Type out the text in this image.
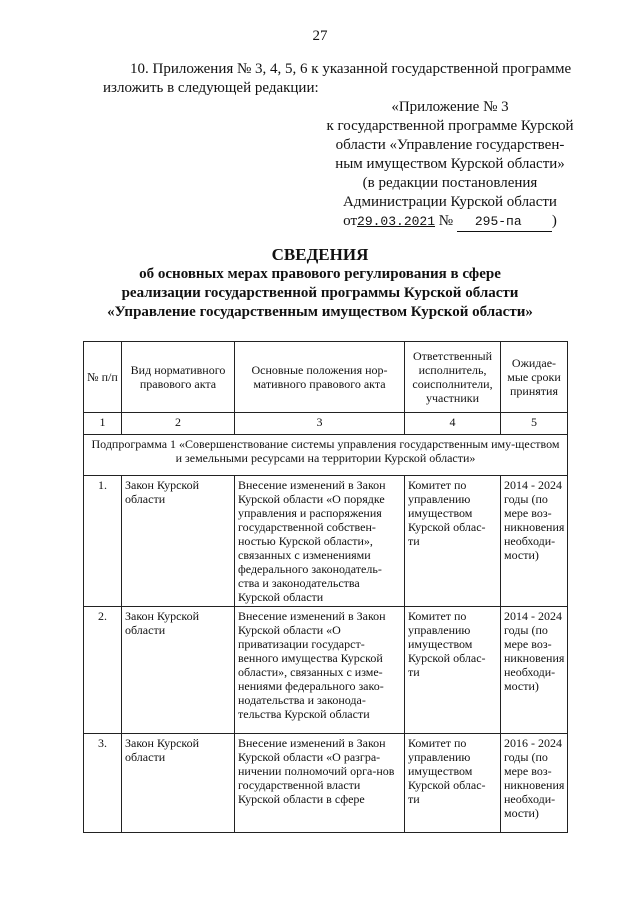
27
10. Приложения № 3, 4, 5, 6 к указанной государственной программе
изложить в следующей редакции:
«Приложение № 3
к государственной программе Курской
области «Управление государствен-
ным имуществом Курской области»
(в редакции постановления
Администрации Курской области
от29.03.2021 № 295-па )
СВЕДЕНИЯ
об основных мерах правового регулирования в сфере
реализации государственной программы Курской области
«Управление государственным имуществом Курской области»
№ п/п	Вид нормативного правового акта	Основные положения нор-мативного правового акта	Ответственный исполнитель, соисполнители, участники	Ожидае-мые сроки принятия
1	2	3	4	5
Подпрограмма 1 «Совершенствование системы управления государственным иму-ществом и земельными ресурсами на территории Курской области»				
1.	Закон Курской области	Внесение изменений в Закон Курской области «О порядке управления и распоряжения государственной собствен-ностью Курской области», связанных с изменениями федерального законодатель-ства и законодательства Курской области	Комитет по управлению имуществом Курской облас-ти	2014 - 2024 годы (по мере воз-никновения необходи-мости)
2.	Закон Курской области	Внесение изменений в Закон Курской области «О приватизации государст-венного имущества Курской области», связанных с изме-нениями федерального зако-нодательства и законода-тельства Курской области	Комитет по управлению имуществом Курской облас-ти	2014 - 2024 годы (по мере воз-никновения необходи-мости)
3.	Закон Курской области	Внесение изменений в Закон Курской области «О разгра-ничении полномочий орга-нов государственной власти Курской области в сфере	Комитет по управлению имуществом Курской облас-ти	2016 - 2024 годы (по мере воз-никновения необходи-мости)
